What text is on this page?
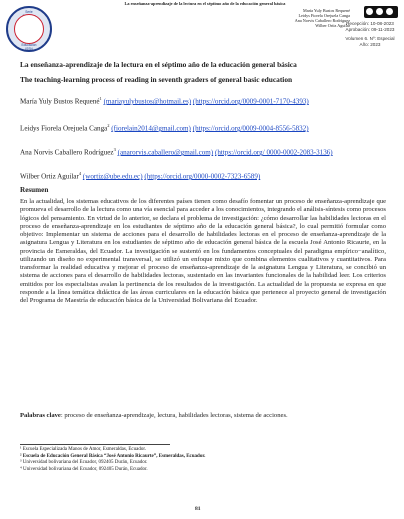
Serie
Educación
ISSN
La enseñanza-aprendizaje de la lectura en el séptimo año de la educación general básica
María Yuly Bustos Requené
Leidys Fiorela Orejuela Canga
Ana Norvis Caballero Rodríguez
Wilber Ortiz Aguilar
Recepción: 10-08-2023
Aprobación: 09-11-2023
Volumen 6. Nº: Especial
Año: 2023
La enseñanza-aprendizaje de la lectura en el séptimo año de la educación general básica
The teaching-learning process of reading in seventh graders of general basic education
María Yuly Bustos Requené$^1$ (mariayulybustos@hotmail.es) (https://orcid.org/0009-0001-7170-4393)
Leidys Fiorela Orejuela Canga$^2$ (fiorelain2014@gmail.com) (https://orcid.org/0009-0004-8556-5832)
Ana Norvis Caballero Rodríguez$^3$ (anarorvis.caballero@gmail.com) (https://orcid.org/ 0000-0002-2083-3136)
Wilber Ortiz Aguilar$^4$ (wortiz@ube.edu.ec) (https://orcid.org/0000-0002-7323-6589)
Resumen
En la actualidad, los sistemas educativos de los diferentes países tienen como desafío fomentar un proceso de enseñanza-aprendizaje que promueva el desarrollo de la lectura como una vía esencial para acceder a los conocimientos, integrando el análisis-síntesis como procesos lógicos del pensamiento. En virtud de lo anterior, se declara el problema de investigación: ¿cómo desarrollar las habilidades lectoras en el proceso de enseñanza-aprendizaje en los estudiantes de séptimo año de la educación general básica?, lo cual permitió formular como objetivo: Implementar un sistema de acciones para el desarrollo de habilidades lectoras en el proceso de enseñanza-aprendizaje de la asignatura Lengua y Literatura en los estudiantes de séptimo año de educación general básica de la escuela José Antonio Ricaurte, en la provincia de Esmeraldas, del Ecuador. La investigación se sustentó en los fundamentos conceptuales del paradigma empírico−analítico, utilizando un diseño no experimental transversal, se utilizó un enfoque mixto que combina elementos cualitativos y cuantitativos. Para transformar la realidad educativa y mejorar el proceso de enseñanza-aprendizaje de la asignatura Lengua y Literatura, se concibió un sistema de acciones para el desarrollo de habilidades lectoras, sustentado en las invariantes funcionales de la habilidad leer. Los criterios emitidos por los especialistas avalan la pertinencia de los resultados de la investigación. La actualidad de la propuesta se expresa en que responde a la línea temática didáctica de las áreas curriculares en la educación básica que pertenece al proyecto general de investigación del Programa de Maestría de educación básica de la Universidad Bolivariana del Ecuador.
Palabras clave: proceso de enseñanza-aprendizaje, lectura, habilidades lectoras, sistema de acciones.
¹ Escuela Especializada Manos de Amor, Esmeraldas, Ecuador.
² Escuela de Educación General Básica “José Antonio Ricaurte”, Esmeraldas, Ecuador.
³ Universidad bolivariana del Ecuador, 092405 Durán, Ecuador.
⁴ Universidad bolivariana del Ecuador, 092405 Durán, Ecuador.
81
